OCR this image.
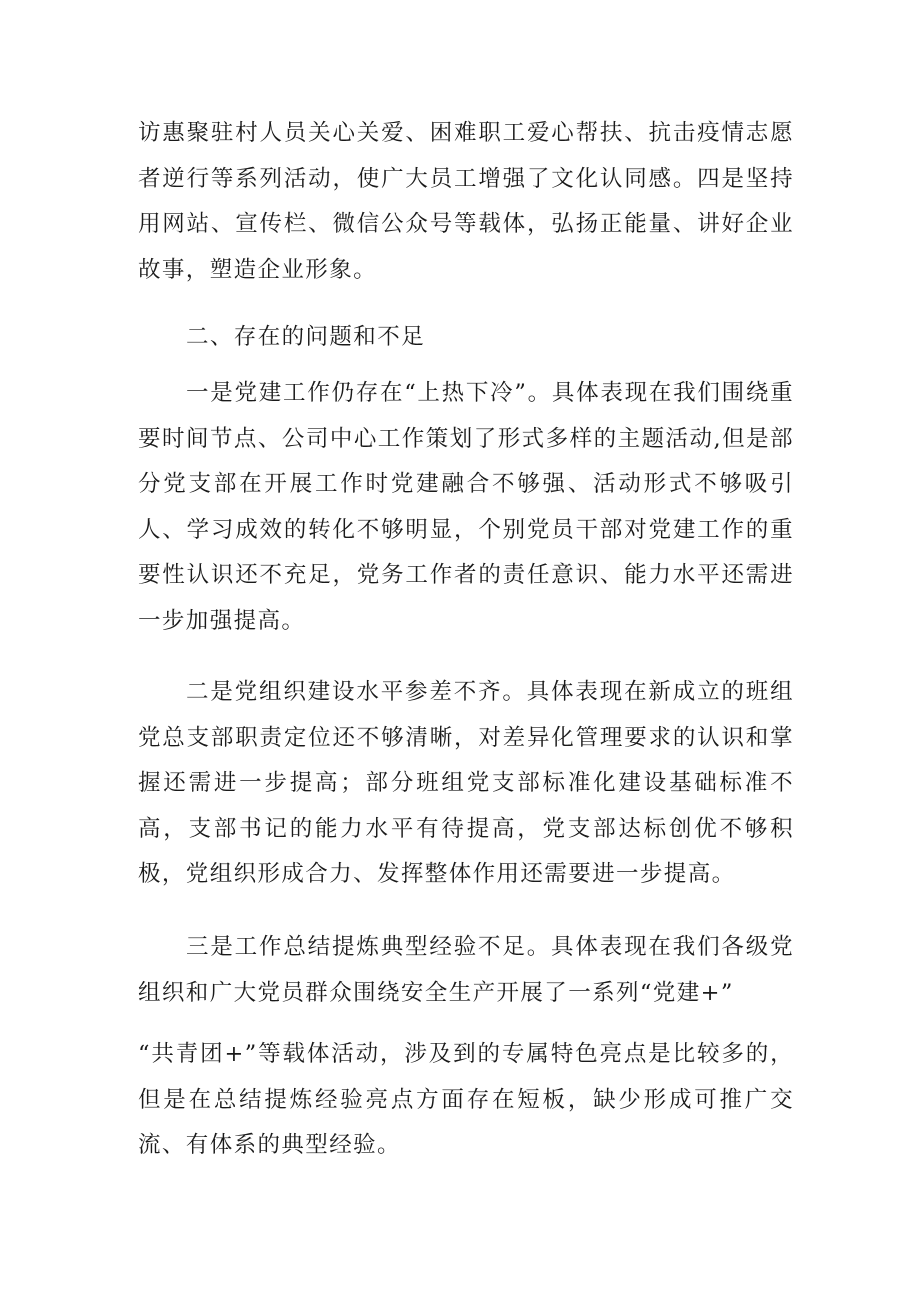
访惠聚驻村人员关心关爱、困难职工爱心帮扶、抗击疫情志愿者逆行等系列活动，使广大员工增强了文化认同感。四是坚持用网站、宣传栏、微信公众号等载体，弘扬正能量、讲好企业故事，塑造企业形象。

二、存在的问题和不足

一是党建工作仍存在“上热下冷”。具体表现在我们围绕重要时间节点、公司中心工作策划了形式多样的主题活动,但是部分党支部在开展工作时党建融合不够强、活动形式不够吸引人、学习成效的转化不够明显，个别党员干部对党建工作的重要性认识还不充足，党务工作者的责任意识、能力水平还需进一步加强提高。

二是党组织建设水平参差不齐。具体表现在新成立的班组党总支部职责定位还不够清晰，对差异化管理要求的认识和掌握还需进一步提高；部分班组党支部标准化建设基础标准不高，支部书记的能力水平有待提高，党支部达标创优不够积极，党组织形成合力、发挥整体作用还需要进一步提高。

三是工作总结提炼典型经验不足。具体表现在我们各级党组织和广大党员群众围绕安全生产开展了一系列“党建+”

“共青团+”等载体活动，涉及到的专属特色亮点是比较多的，但是在总结提炼经验亮点方面存在短板，缺少形成可推广交流、有体系的典型经验。
